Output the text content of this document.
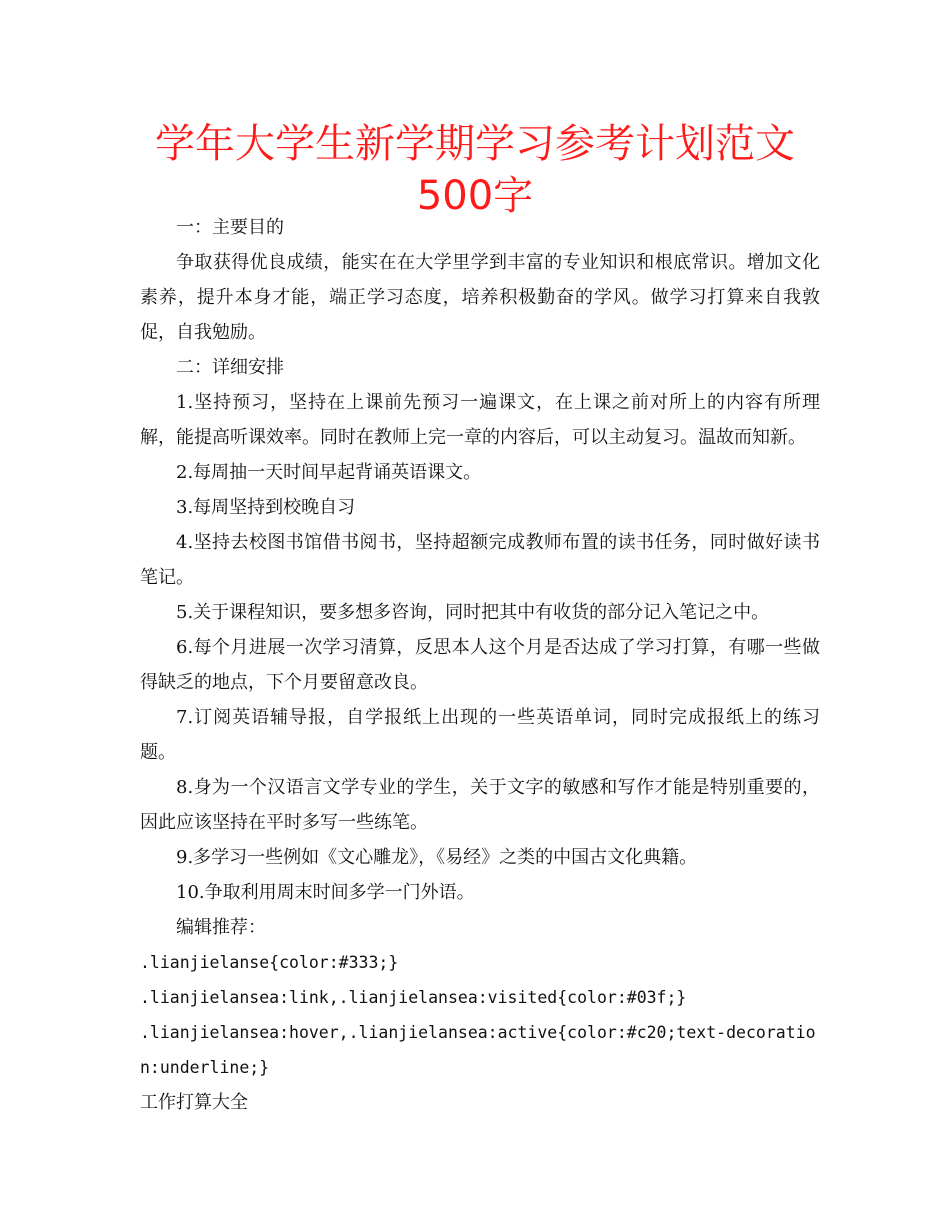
学年大学生新学期学习参考计划范文500字

一：主要目的

争取获得优良成绩，能实在在大学里学到丰富的专业知识和根底常识。增加文化素养，提升本身才能，端正学习态度，培养积极勤奋的学风。做学习打算来自我敦促，自我勉励。

二：详细安排

1.坚持预习，坚持在上课前先预习一遍课文，在上课之前对所上的内容有所理解，能提高听课效率。同时在教师上完一章的内容后，可以主动复习。温故而知新。

2.每周抽一天时间早起背诵英语课文。

3.每周坚持到校晚自习

4.坚持去校图书馆借书阅书，坚持超额完成教师布置的读书任务，同时做好读书笔记。

5.关于课程知识，要多想多咨询，同时把其中有收货的部分记入笔记之中。

6.每个月进展一次学习清算，反思本人这个月是否达成了学习打算，有哪一些做得缺乏的地点，下个月要留意改良。

7.订阅英语辅导报，自学报纸上出现的一些英语单词，同时完成报纸上的练习题。

8.身为一个汉语言文学专业的学生，关于文字的敏感和写作才能是特别重要的，因此应该坚持在平时多写一些练笔。

9.多学习一些例如《文心雕龙》，《易经》之类的中国古文化典籍。

10.争取利用周末时间多学一门外语。

编辑推荐：

.lianjielanse{color:#333;}

.lianjielansea:link,.lianjielansea:visited{color:#03f;}

.lianjielansea:hover,.lianjielansea:active{color:#c20;text-decoration:underline;}

工作打算大全
